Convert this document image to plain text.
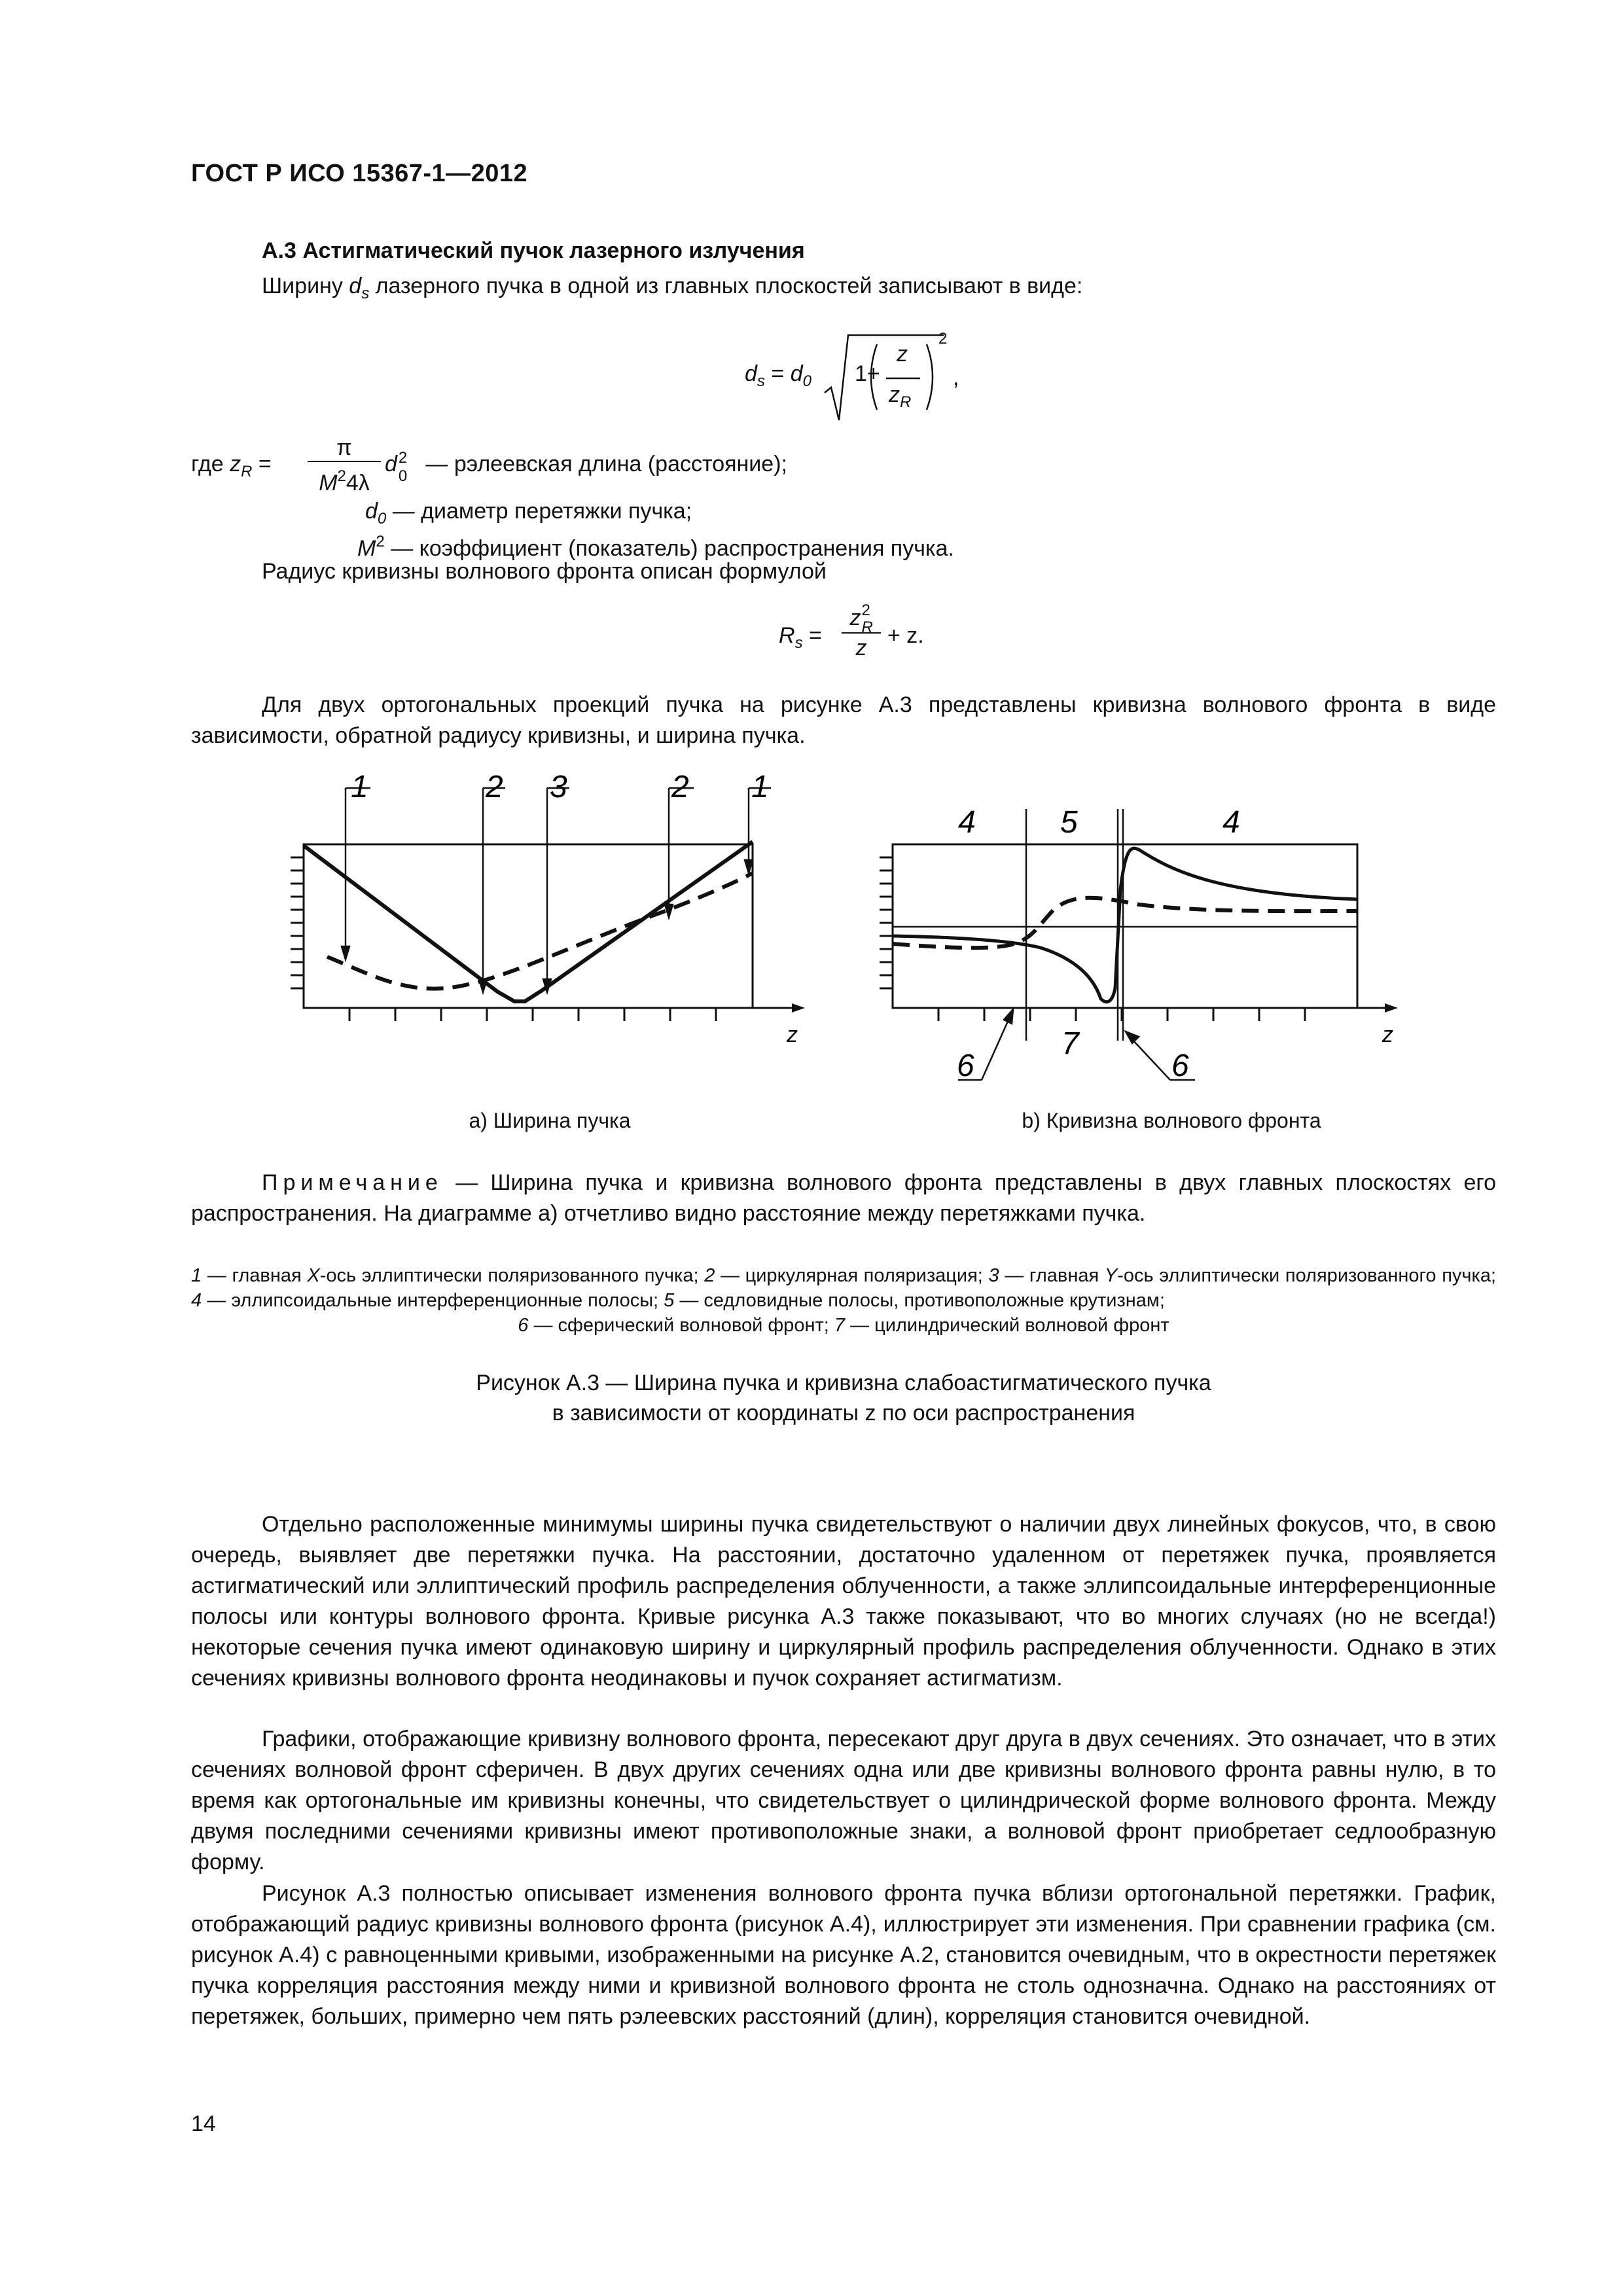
ГОСТ Р ИСО 15367-1—2012
А.3 Астигматический пучок лазерного излучения
Ширину $d_s$ лазерного пучка в одной из главных плоскостей записывают в виде:
$d_s = d_0$ 1+
z
$z_R$
2
,
где $z_R$ =
π
$M^24\lambda$
d 2
0 — рэлеевская длина (расстояние);
$d_0$ — диаметр перетяжки пучка;
$M^2$ — коэффициент (показатель) распространения пучка.
Радиус кривизны волнового фронта описан формулой
$R_s$ =
z 2
R
z + z.
Для двух ортогональных проекций пучка на рисунке А.3 представлены кривизна волнового фронта в виде зависимости, обратной радиусу кривизны, и ширина пучка.
z
1	2 3	2 1
z
4	5	4
6
7
6
а) Ширина пучка	b) Кривизна волнового фронта
Примечание — Ширина пучка и кривизна волнового фронта представлены в двух главных плоскостях его распространения. На диаграмме а) отчетливо видно расстояние между перетяжками пучка.
1 — главная X-ось эллиптически поляризованного пучка; 2 — циркулярная поляризация; 3 — главная Y-ось эллиптически поляризованного пучка; 4 — эллипсоидальные интерференционные полосы; 5 — седловидные полосы, противоположные крутизнам;
6 — сферический волновой фронт; 7 — цилиндрический волновой фронт
Рисунок А.3 — Ширина пучка и кривизна слабоастигматического пучка
в зависимости от координаты z по оси распространения
Отдельно расположенные минимумы ширины пучка свидетельствуют о наличии двух линейных фокусов, что, в свою очередь, выявляет две перетяжки пучка. На расстоянии, достаточно удаленном от перетяжек пучка, проявляется астигматический или эллиптический профиль распределения облученности, а также эллипсоидальные интерференционные полосы или контуры волнового фронта. Кривые рисунка А.3 также показывают, что во многих случаях (но не всегда!) некоторые сечения пучка имеют одинаковую ширину и циркулярный профиль распределения облученности. Однако в этих сечениях кривизны волнового фронта неодинаковы и пучок сохраняет астигматизм.
Графики, отображающие кривизну волнового фронта, пересекают друг друга в двух сечениях. Это означает, что в этих сечениях волновой фронт сферичен. В двух других сечениях одна или две кривизны волнового фронта равны нулю, в то время как ортогональные им кривизны конечны, что свидетельствует о цилиндрической форме волнового фронта. Между двумя последними сечениями кривизны имеют противоположные знаки, а волновой фронт приобретает седлообразную форму.
Рисунок А.3 полностью описывает изменения волнового фронта пучка вблизи ортогональной перетяжки. График, отображающий радиус кривизны волнового фронта (рисунок А.4), иллюстрирует эти изменения. При сравнении графика (см. рисунок А.4) с равноценными кривыми, изображенными на рисунке А.2, становится очевидным, что в окрестности перетяжек пучка корреляция расстояния между ними и кривизной волнового фронта не столь однозначна. Однако на расстояниях от перетяжек, больших, примерно чем пять рэлеевских расстояний (длин), корреляция становится очевидной.
14
